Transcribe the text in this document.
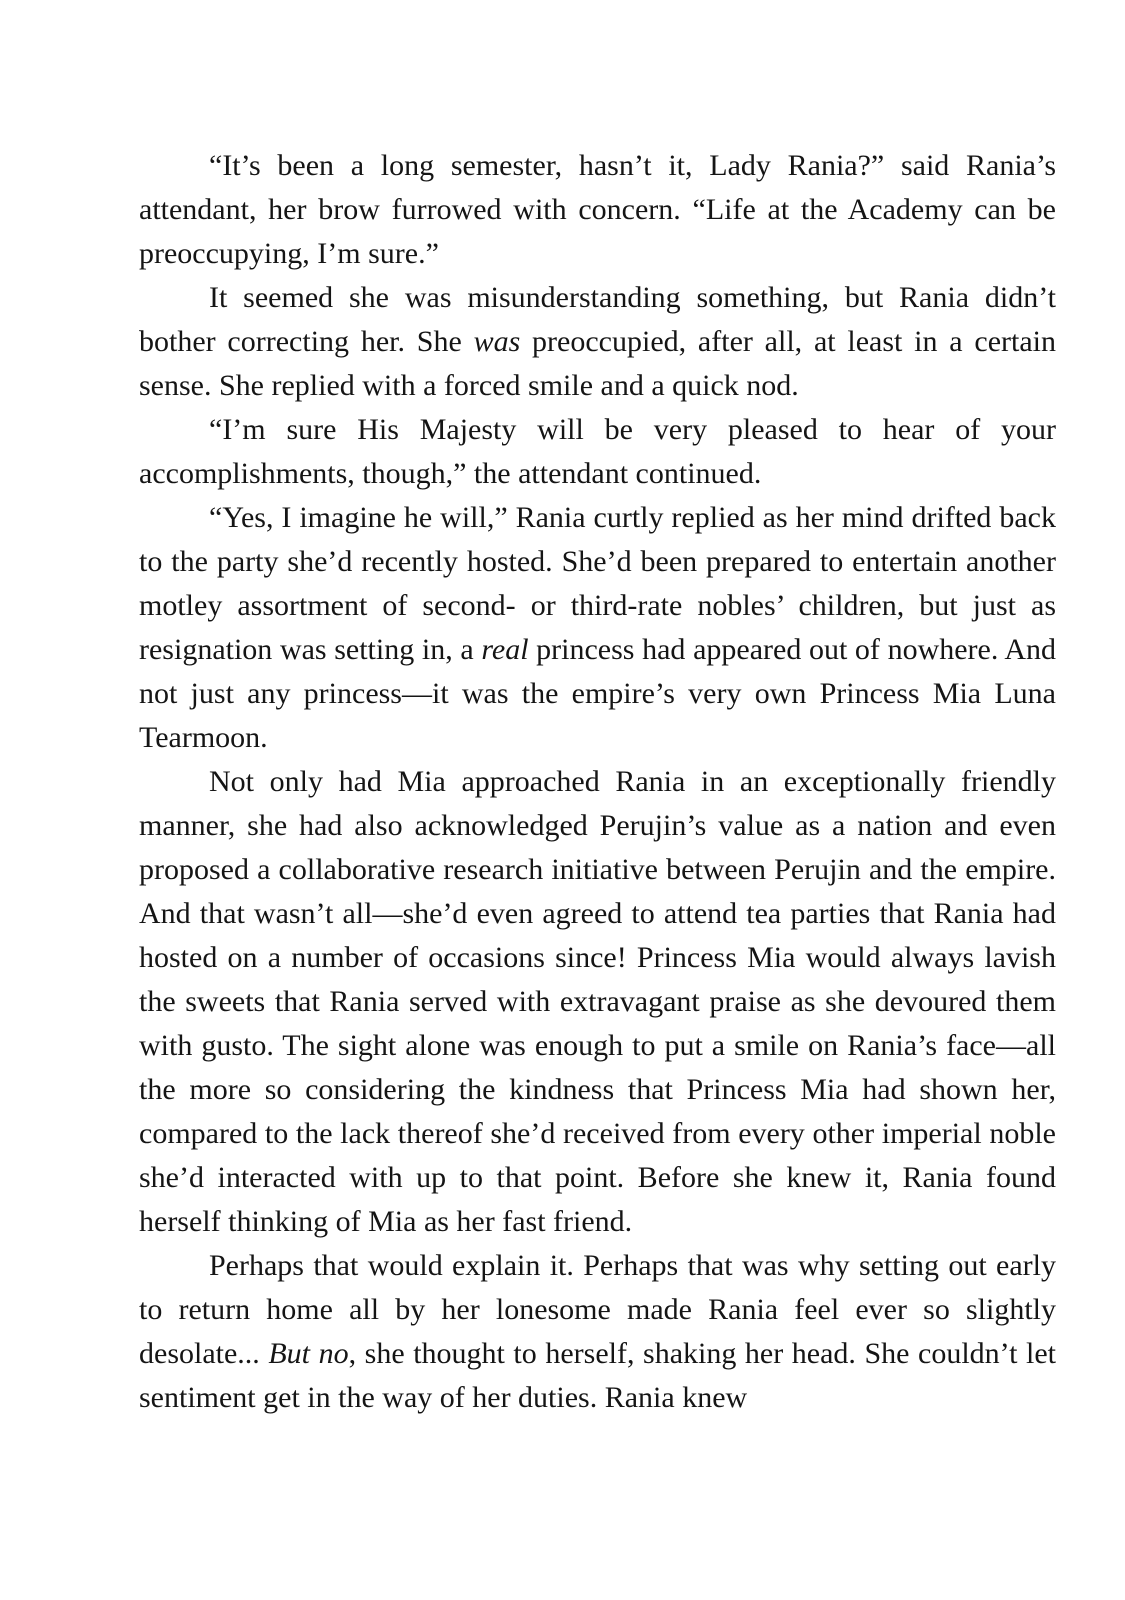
“It’s been a long semester, hasn’t it, Lady Rania?” said Rania’s attendant, her brow furrowed with concern. “Life at the Academy can be preoccupying, I’m sure.”

It seemed she was misunderstanding something, but Rania didn’t bother correcting her. She was preoccupied, after all, at least in a certain sense. She replied with a forced smile and a quick nod.

“I’m sure His Majesty will be very pleased to hear of your accomplishments, though,” the attendant continued.

“Yes, I imagine he will,” Rania curtly replied as her mind drifted back to the party she’d recently hosted. She’d been prepared to entertain another motley assortment of second- or third-rate nobles’ children, but just as resignation was setting in, a real princess had appeared out of nowhere. And not just any princess—it was the empire’s very own Princess Mia Luna Tearmoon.

Not only had Mia approached Rania in an exceptionally friendly manner, she had also acknowledged Perujin’s value as a nation and even proposed a collaborative research initiative between Perujin and the empire. And that wasn’t all—she’d even agreed to attend tea parties that Rania had hosted on a number of occasions since! Princess Mia would always lavish the sweets that Rania served with extravagant praise as she devoured them with gusto. The sight alone was enough to put a smile on Rania’s face—all the more so considering the kindness that Princess Mia had shown her, compared to the lack thereof she’d received from every other imperial noble she’d interacted with up to that point. Before she knew it, Rania found herself thinking of Mia as her fast friend.

Perhaps that would explain it. Perhaps that was why setting out early to return home all by her lonesome made Rania feel ever so slightly desolate... But no, she thought to herself, shaking her head. She couldn’t let sentiment get in the way of her duties. Rania knew
